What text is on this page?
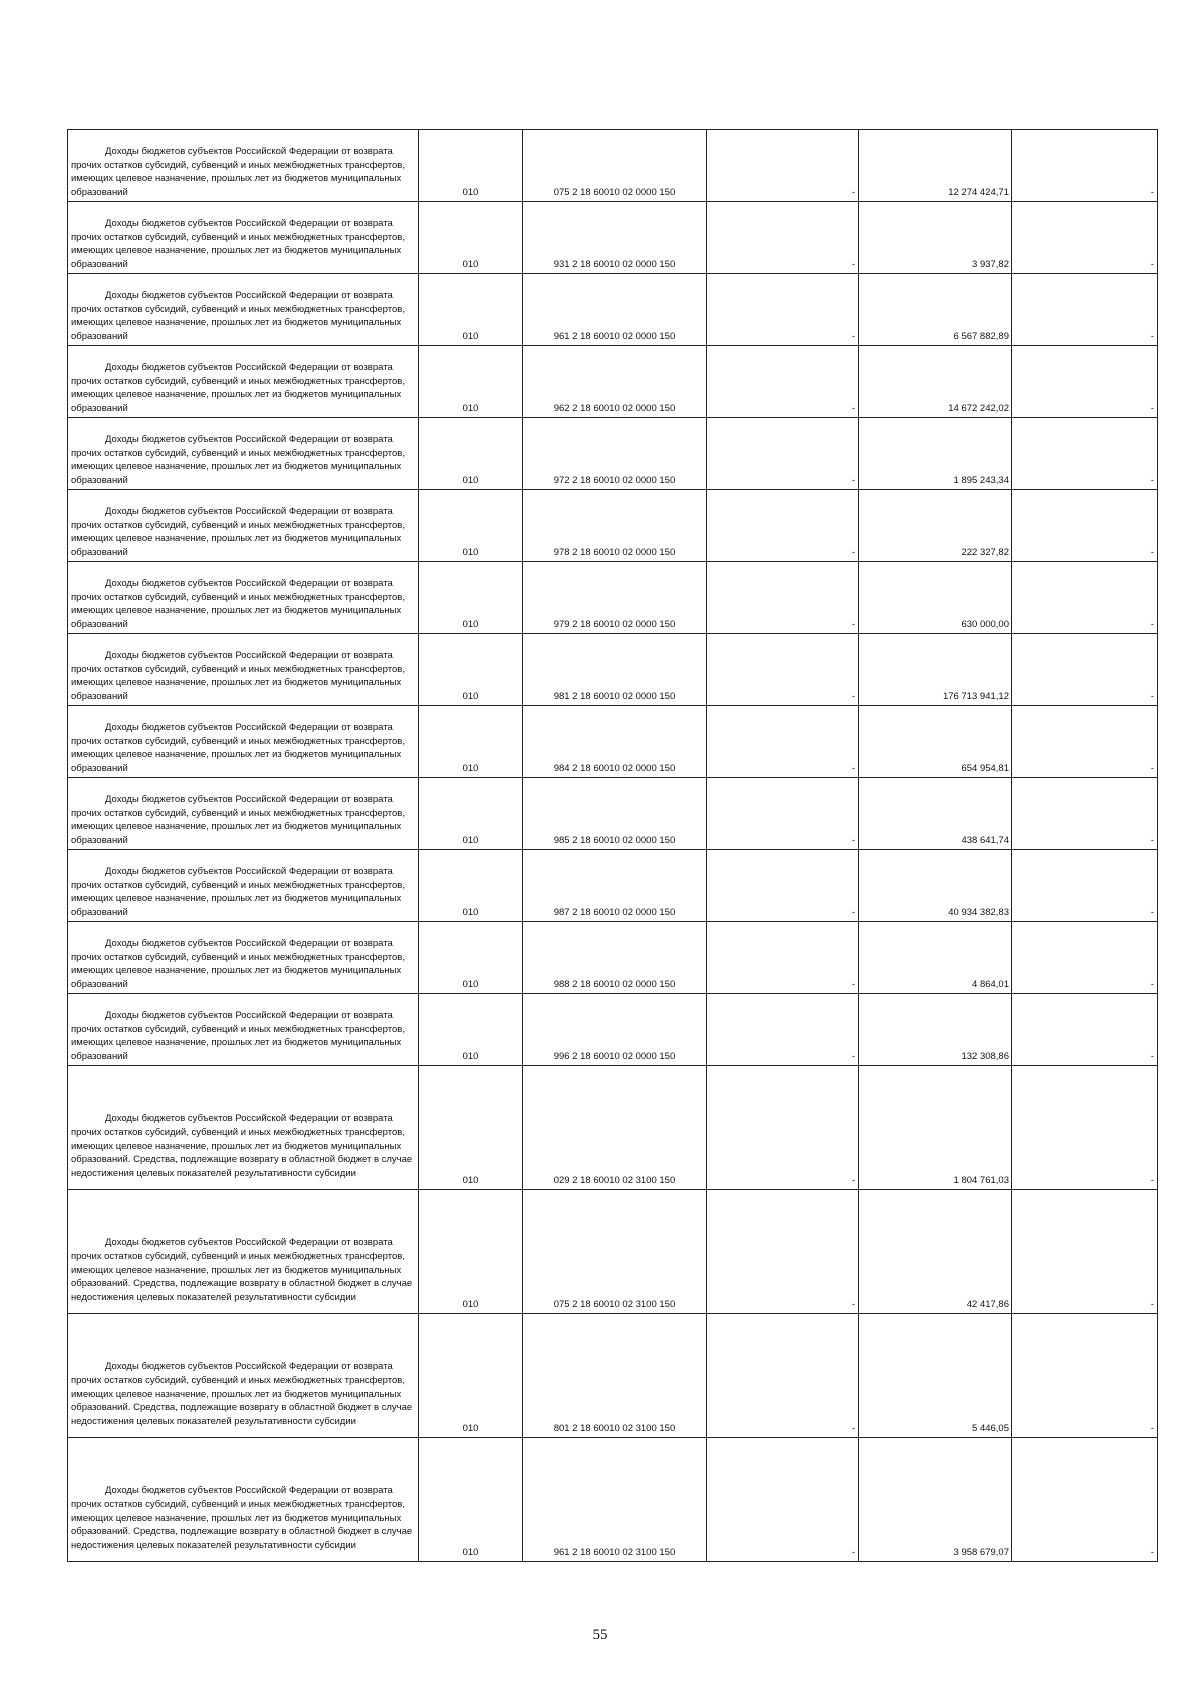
Доходы бюджетов субъектов Российской Федерации от возврата прочих остатков субсидий, субвенций и иных межбюджетных трансфертов, имеющих целевое назначение, прошлых лет из бюджетов муниципальных образований	010	075 2 18 60010 02 0000 150	-	12 274 424,71	-
Доходы бюджетов субъектов Российской Федерации от возврата прочих остатков субсидий, субвенций и иных межбюджетных трансфертов, имеющих целевое назначение, прошлых лет из бюджетов муниципальных образований	010	931 2 18 60010 02 0000 150	-	3 937,82	-
Доходы бюджетов субъектов Российской Федерации от возврата прочих остатков субсидий, субвенций и иных межбюджетных трансфертов, имеющих целевое назначение, прошлых лет из бюджетов муниципальных образований	010	961 2 18 60010 02 0000 150	-	6 567 882,89	-
Доходы бюджетов субъектов Российской Федерации от возврата прочих остатков субсидий, субвенций и иных межбюджетных трансфертов, имеющих целевое назначение, прошлых лет из бюджетов муниципальных образований	010	962 2 18 60010 02 0000 150	-	14 672 242,02	-
Доходы бюджетов субъектов Российской Федерации от возврата прочих остатков субсидий, субвенций и иных межбюджетных трансфертов, имеющих целевое назначение, прошлых лет из бюджетов муниципальных образований	010	972 2 18 60010 02 0000 150	-	1 895 243,34	-
Доходы бюджетов субъектов Российской Федерации от возврата прочих остатков субсидий, субвенций и иных межбюджетных трансфертов, имеющих целевое назначение, прошлых лет из бюджетов муниципальных образований	010	978 2 18 60010 02 0000 150	-	222 327,82	-
Доходы бюджетов субъектов Российской Федерации от возврата прочих остатков субсидий, субвенций и иных межбюджетных трансфертов, имеющих целевое назначение, прошлых лет из бюджетов муниципальных образований	010	979 2 18 60010 02 0000 150	-	630 000,00	-
Доходы бюджетов субъектов Российской Федерации от возврата прочих остатков субсидий, субвенций и иных межбюджетных трансфертов, имеющих целевое назначение, прошлых лет из бюджетов муниципальных образований	010	981 2 18 60010 02 0000 150	-	176 713 941,12	-
Доходы бюджетов субъектов Российской Федерации от возврата прочих остатков субсидий, субвенций и иных межбюджетных трансфертов, имеющих целевое назначение, прошлых лет из бюджетов муниципальных образований	010	984 2 18 60010 02 0000 150	-	654 954,81	-
Доходы бюджетов субъектов Российской Федерации от возврата прочих остатков субсидий, субвенций и иных межбюджетных трансфертов, имеющих целевое назначение, прошлых лет из бюджетов муниципальных образований	010	985 2 18 60010 02 0000 150	-	438 641,74	-
Доходы бюджетов субъектов Российской Федерации от возврата прочих остатков субсидий, субвенций и иных межбюджетных трансфертов, имеющих целевое назначение, прошлых лет из бюджетов муниципальных образований	010	987 2 18 60010 02 0000 150	-	40 934 382,83	-
Доходы бюджетов субъектов Российской Федерации от возврата прочих остатков субсидий, субвенций и иных межбюджетных трансфертов, имеющих целевое назначение, прошлых лет из бюджетов муниципальных образований	010	988 2 18 60010 02 0000 150	-	4 864,01	-
Доходы бюджетов субъектов Российской Федерации от возврата прочих остатков субсидий, субвенций и иных межбюджетных трансфертов, имеющих целевое назначение, прошлых лет из бюджетов муниципальных образований	010	996 2 18 60010 02 0000 150	-	132 308,86	-
Доходы бюджетов субъектов Российской Федерации от возврата прочих остатков субсидий, субвенций и иных межбюджетных трансфертов, имеющих целевое назначение, прошлых лет из бюджетов муниципальных образований. Средства, подлежащие возврату в областной бюджет в случае недостижения целевых показателей результативности субсидии	010	029 2 18 60010 02 3100 150	-	1 804 761,03	-
Доходы бюджетов субъектов Российской Федерации от возврата прочих остатков субсидий, субвенций и иных межбюджетных трансфертов, имеющих целевое назначение, прошлых лет из бюджетов муниципальных образований. Средства, подлежащие возврату в областной бюджет в случае недостижения целевых показателей результативности субсидии	010	075 2 18 60010 02 3100 150	-	42 417,86	-
Доходы бюджетов субъектов Российской Федерации от возврата прочих остатков субсидий, субвенций и иных межбюджетных трансфертов, имеющих целевое назначение, прошлых лет из бюджетов муниципальных образований. Средства, подлежащие возврату в областной бюджет в случае недостижения целевых показателей результативности субсидии	010	801 2 18 60010 02 3100 150	-	5 446,05	-
Доходы бюджетов субъектов Российской Федерации от возврата прочих остатков субсидий, субвенций и иных межбюджетных трансфертов, имеющих целевое назначение, прошлых лет из бюджетов муниципальных образований. Средства, подлежащие возврату в областной бюджет в случае недостижения целевых показателей результативности субсидии	010	961 2 18 60010 02 3100 150	-	3 958 679,07	-
55
